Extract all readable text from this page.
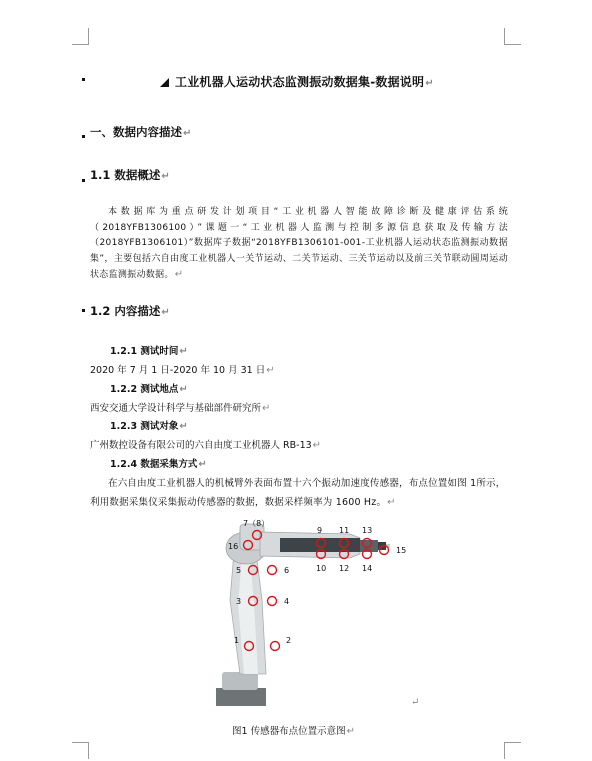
工业机器人运动状态监测振动数据集-数据说明↵
一、数据内容描述↵
1.1 数据概述↵
本数据库为重点研发计划项目“工业机器人智能故障诊断及健康评估系统（2018YFB1306100）”课题一“工业机器人监测与控制多源信息获取及传输方法（2018YFB1306101）”数据库子数据“2018YFB1306101-001-工业机器人运动状态监测振动数据集”，主要包括六自由度工业机器人一关节运动、二关节运动、三关节运动以及前三关节联动圆周运动状态监测振动数据。↵
1.2 内容描述↵
1.2.1 测试时间↵
2020 年 7 月 1 日-2020 年 10 月 31 日↵
1.2.2 测试地点↵
西安交通大学设计科学与基础部件研究所↵
1.2.3 测试对象↵
广州数控设备有限公司的六自由度工业机器人 RB-13↵
1.2.4 数据采集方式↵
在六自由度工业机器人的机械臂外表面布置十六个振动加速度传感器，布点位置如图 1所示，利用数据采集仪采集振动传感器的数据，数据采样频率为 1600 Hz。↵
1	2
3	4
5	6
7（8）
9
10
11
12
13
14
15
16
↵
图1 传感器布点位置示意图↵
